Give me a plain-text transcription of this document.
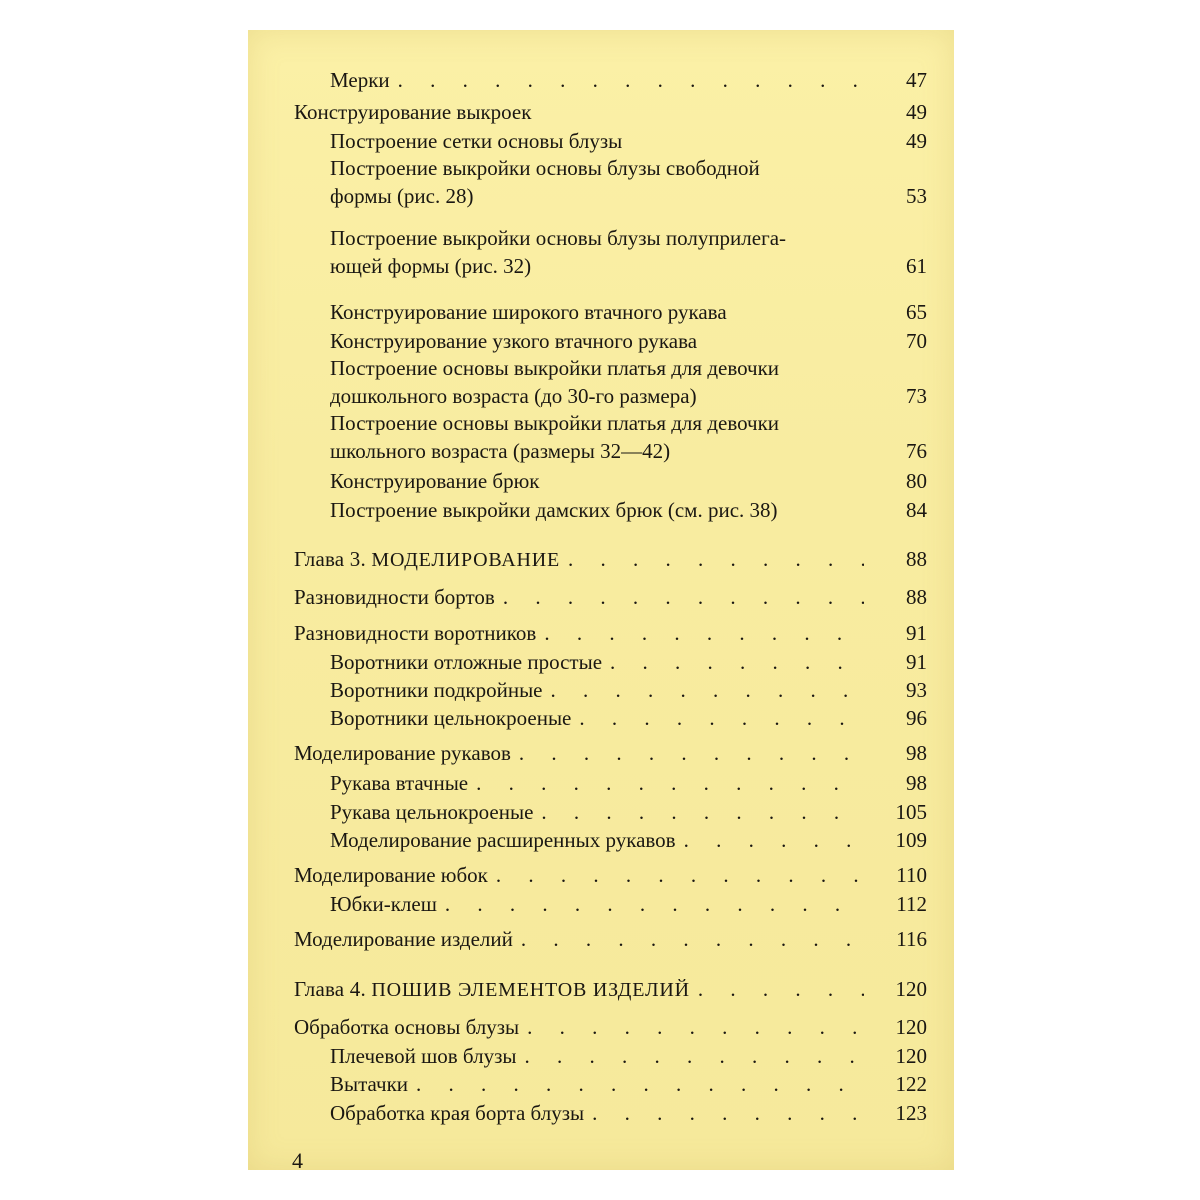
Мерки . . .	47
Конструирование выкроек	49
Построение сетки основы блузы	49
Построение выкройки основы блузы свободной
формы (рис. 28)	53
Построение выкройки основы блузы полуприлега-
ющей формы (рис. 32)	61
Конструирование широкого втачного рукава	65
Конструирование узкого втачного рукава	70
Построение основы выкройки платья для девочки
дошкольного возраста (до 30-го размера)	73
Построение основы выкройки платья для девочки
школьного возраста (размеры 32—42)	76
Конструирование брюк	80
Построение выкройки дамских брюк (см. рис. 38)	84
Глава 3. МОДЕЛИРОВАНИЕ . . .	88
Разновидности бортов . . .	88
Разновидности воротников . . .	91
Воротники отложные простые . . .	91
Воротники подкройные . . .	93
Воротники цельнокроеные . . .	96
Моделирование рукавов . . .	98
Рукава втачные . . .	98
Рукава цельнокроеные . . .	105
Моделирование расширенных рукавов . . .	109
Моделирование юбок . . .	110
Юбки-клеш . . .	112
Моделирование изделий . . .	116
Глава 4. ПОШИВ ЭЛЕМЕНТОВ ИЗДЕЛИЙ . . .	120
Обработка основы блузы . . .	120
Плечевой шов блузы . . .	120
Вытачки . . .	122
Обработка края борта блузы . . .	123
4
